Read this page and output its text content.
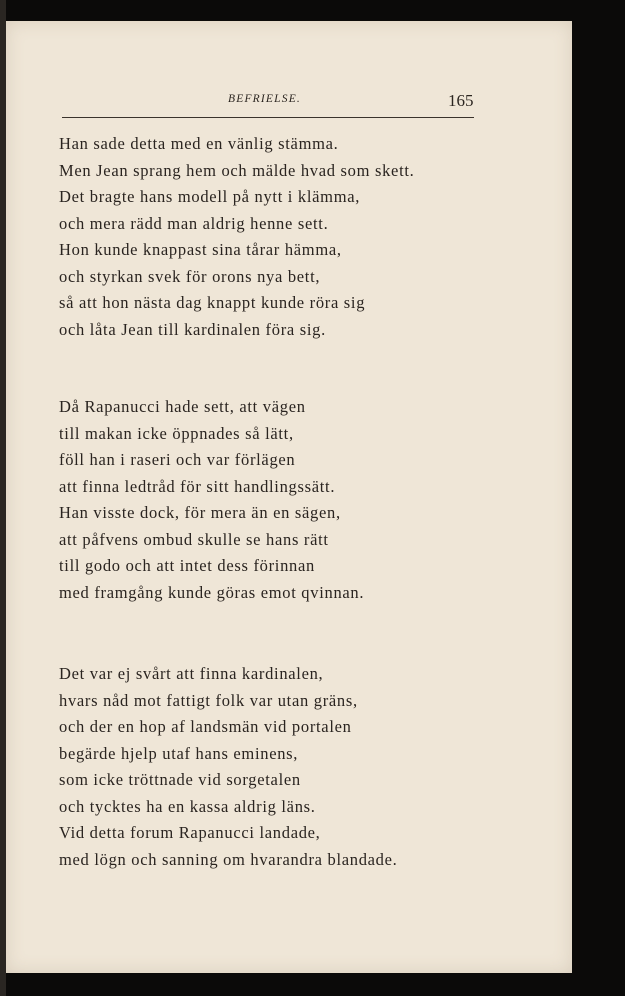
BEFRIELSE.	165
Han sade detta med en vänlig stämma.
Men Jean sprang hem och mälde hvad som skett.
Det bragte hans modell på nytt i klämma,
och mera rädd man aldrig henne sett.
Hon kunde knappast sina tårar hämma,
och styrkan svek för orons nya bett,
så att hon nästa dag knappt kunde röra sig
och låta Jean till kardinalen föra sig.
Då Rapanucci hade sett, att vägen
till makan icke öppnades så lätt,
föll han i raseri och var förlägen
att finna ledtråd för sitt handlingssätt.
Han visste dock, för mera än en sägen,
att påfvens ombud skulle se hans rätt
till godo och att intet dess förinnan
med framgång kunde göras emot qvinnan.
Det var ej svårt att finna kardinalen,
hvars nåd mot fattigt folk var utan gräns,
och der en hop af landsmän vid portalen
begärde hjelp utaf hans eminens,
som icke tröttnade vid sorgetalen
och tycktes ha en kassa aldrig läns.
Vid detta forum Rapanucci landade,
med lögn och sanning om hvarandra blandade.
